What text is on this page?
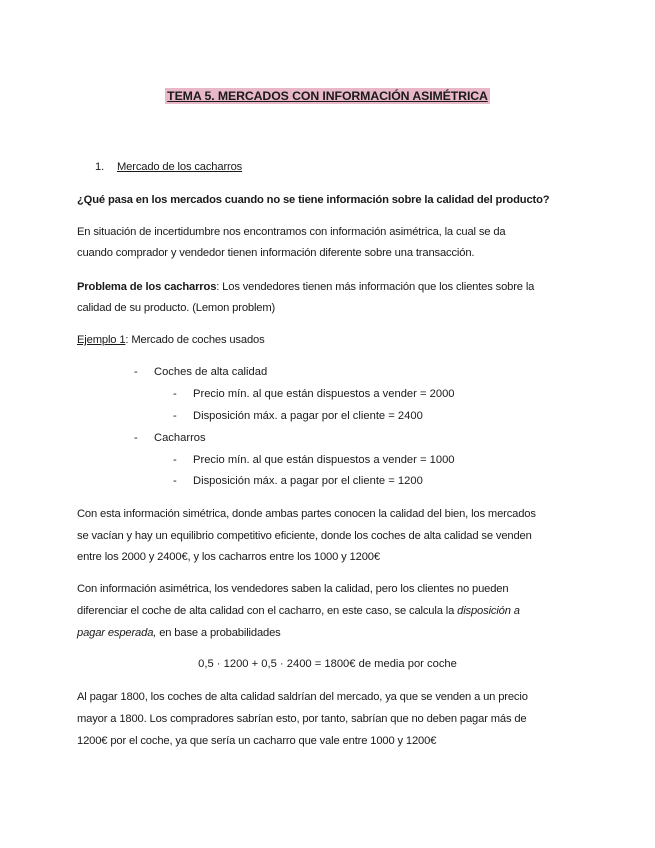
TEMA 5. MERCADOS CON INFORMACIÓN ASIMÉTRICA
1. Mercado de los cacharros
¿Qué pasa en los mercados cuando no se tiene información sobre la calidad del producto?
En situación de incertidumbre nos encontramos con información asimétrica, la cual se da
cuando comprador y vendedor tienen información diferente sobre una transacción.
Problema de los cacharros: Los vendedores tienen más información que los clientes sobre la
calidad de su producto. (Lemon problem)
Ejemplo 1: Mercado de coches usados
- Coches de alta calidad
- Precio mín. al que están dispuestos a vender = 2000
- Disposición máx. a pagar por el cliente = 2400
- Cacharros
- Precio mín. al que están dispuestos a vender = 1000
- Disposición máx. a pagar por el cliente = 1200
Con esta información simétrica, donde ambas partes conocen la calidad del bien, los mercados
se vacían y hay un equilibrio competitivo eficiente, donde los coches de alta calidad se venden
entre los 2000 y 2400€, y los cacharros entre los 1000 y 1200€
Con información asimétrica, los vendedores saben la calidad, pero los clientes no pueden
diferenciar el coche de alta calidad con el cacharro, en este caso, se calcula la disposición a
pagar esperada, en base a probabilidades
0,5 · 1200 + 0,5 · 2400 = 1800€ de media por coche
Al pagar 1800, los coches de alta calidad saldrían del mercado, ya que se venden a un precio
mayor a 1800. Los compradores sabrían esto, por tanto, sabrían que no deben pagar más de
1200€ por el coche, ya que sería un cacharro que vale entre 1000 y 1200€
